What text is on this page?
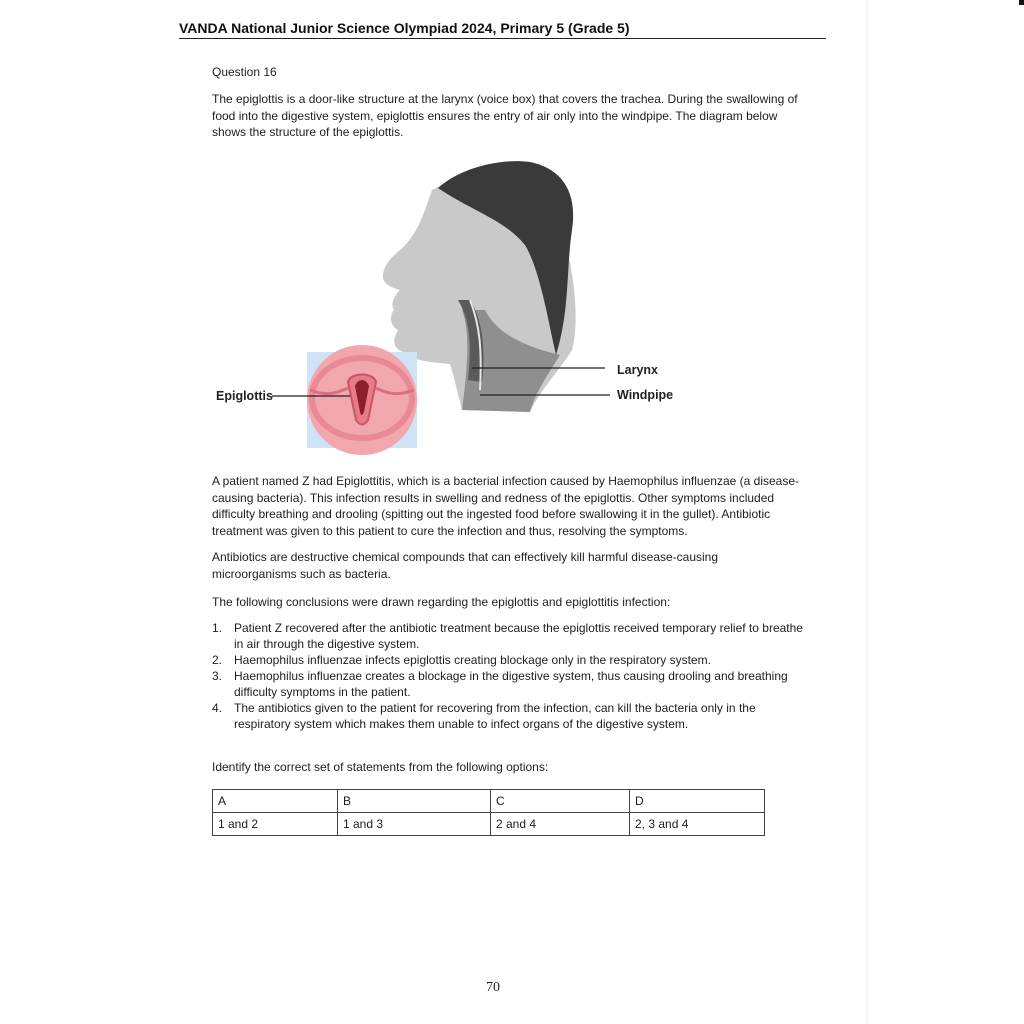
VANDA National Junior Science Olympiad 2024, Primary 5 (Grade 5)
Question 16
The epiglottis is a door-like structure at the larynx (voice box) that covers the trachea. During the swallowing of food into the digestive system, epiglottis ensures the entry of air only into the windpipe. The diagram below shows the structure of the epiglottis.
Epiglottis
Larynx
Windpipe
A patient named Z had Epiglottitis, which is a bacterial infection caused by Haemophilus influenzae (a disease-causing bacteria). This infection results in swelling and redness of the epiglottis. Other symptoms included difficulty breathing and drooling (spitting out the ingested food before swallowing it in the gullet). Antibiotic treatment was given to this patient to cure the infection and thus, resolving the symptoms.
Antibiotics are destructive chemical compounds that can effectively kill harmful disease-causing microorganisms such as bacteria.
The following conclusions were drawn regarding the epiglottis and epiglottitis infection:
1. Patient Z recovered after the antibiotic treatment because the epiglottis received temporary relief to breathe in air through the digestive system.
2. Haemophilus influenzae infects epiglottis creating blockage only in the respiratory system.
3. Haemophilus influenzae creates a blockage in the digestive system, thus causing drooling and breathing difficulty symptoms in the patient.
4. The antibiotics given to the patient for recovering from the infection, can kill the bacteria only in the respiratory system which makes them unable to infect organs of the digestive system.
Identify the correct set of statements from the following options:
A	B	C	D
1 and 2	1 and 3	2 and 4	2, 3 and 4
70
